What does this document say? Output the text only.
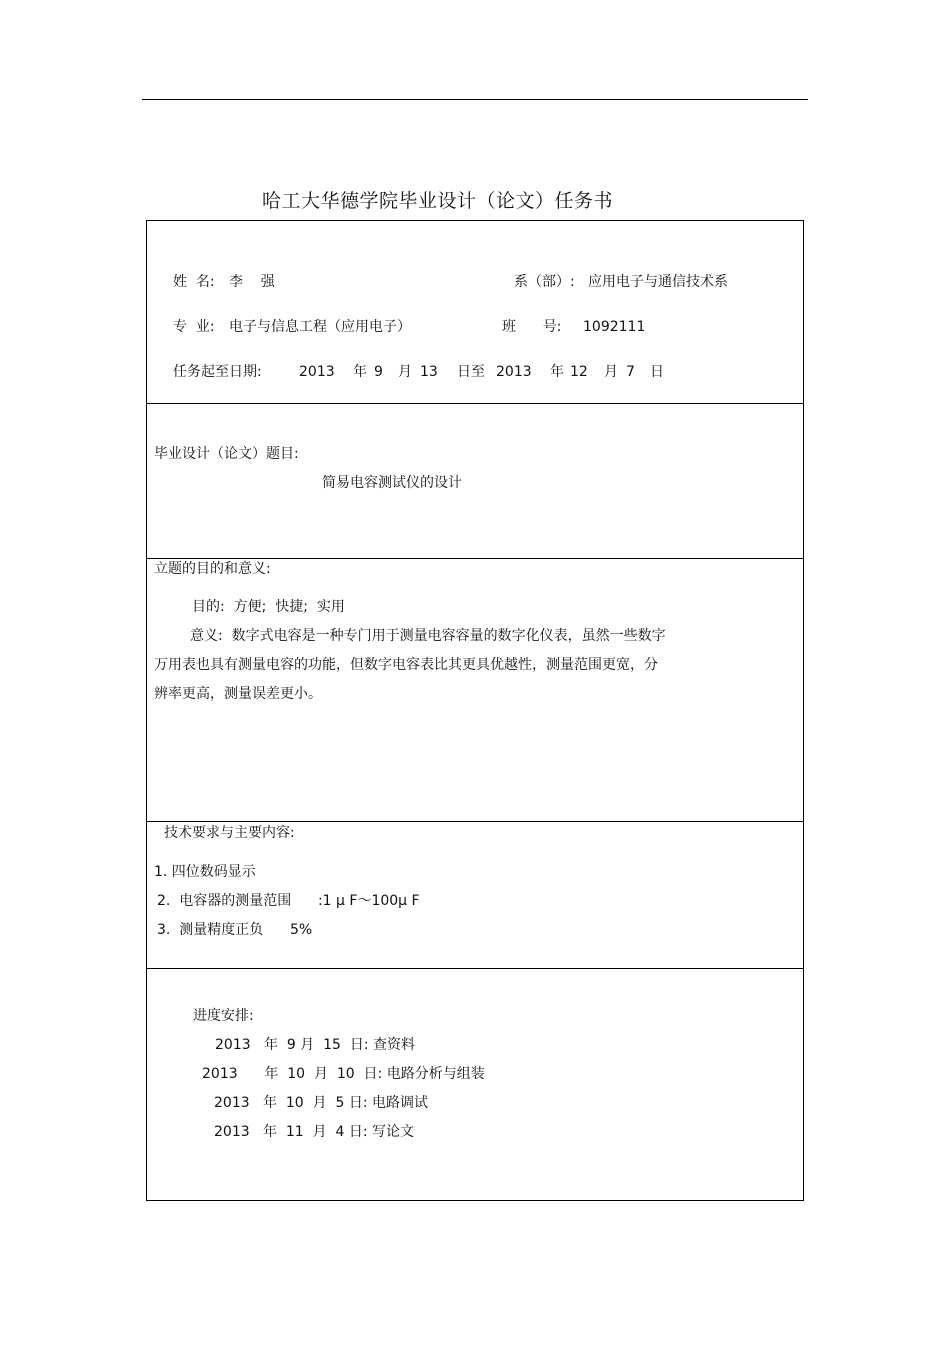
哈工大华德学院毕业设计（论文）任务书
姓  名: 李    强	系（部）: 应用电子与通信技术系
专  业: 电子与信息工程（应用电子）	班      号: 1092111
任务起至日期:	2013 年 9 月 13 日至 2013 年 12 月 7 日
毕业设计（论文）题目:
简易电容测试仪的设计
立题的目的和意义:
目的:  方便;  快捷;  实用
意义:  数字式电容是一种专门用于测量电容容量的数字化仪表，虽然一些数字
万用表也具有测量电容的功能，但数字电容表比其更具优越性，测量范围更宽，分
辨率更高，测量误差更小。
技术要求与主要内容:
1. 四位数码显示
2.  电容器的测量范围      :1 μ F～100μ F
3.  测量精度正负      5%
进度安排:
2013   年  9 月  15  日: 查资料
2013      年  10  月  10  日: 电路分析与组装
2013   年  10  月  5 日: 电路调试
2013   年  11  月  4 日: 写论文
